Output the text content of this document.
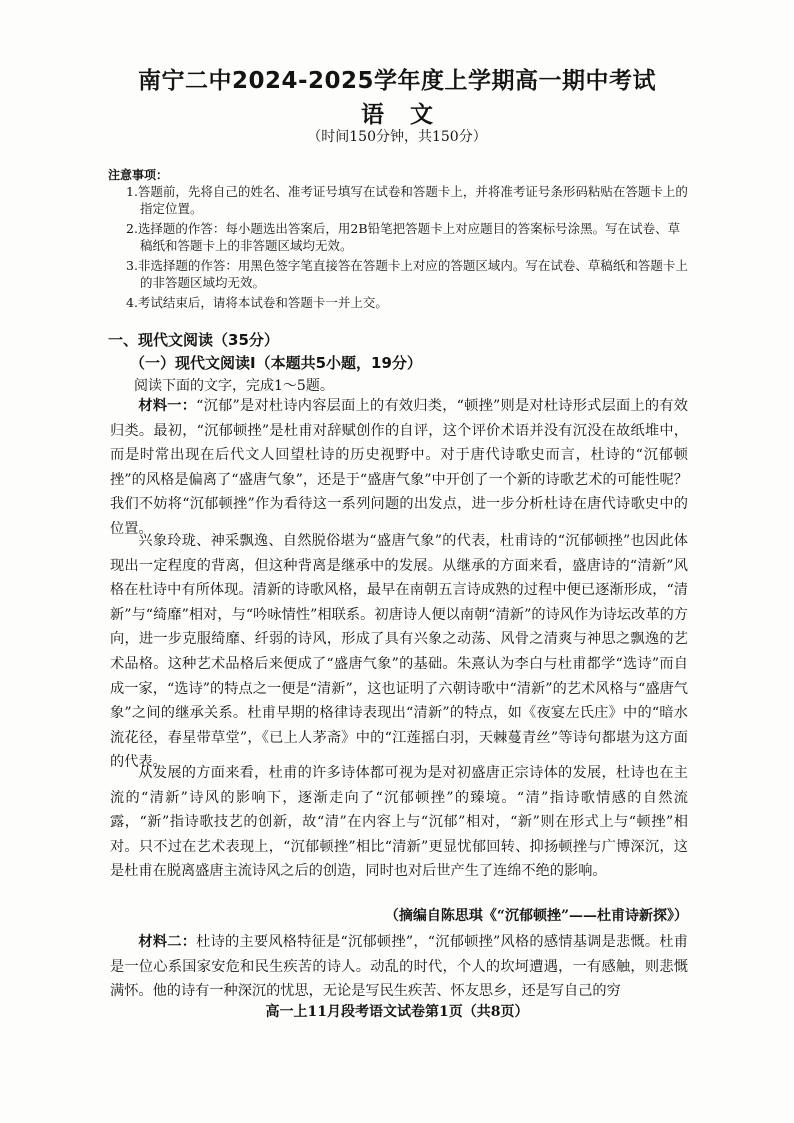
南宁二中2024-2025学年度上学期高一期中考试
语文
（时间150分钟，共150分）
注意事项：
1.答题前，先将自己的姓名、准考证号填写在试卷和答题卡上，并将准考证号条形码粘贴在答题卡上的指定位置。
2.选择题的作答：每小题选出答案后，用2B铅笔把答题卡上对应题目的答案标号涂黑。写在试卷、草稿纸和答题卡上的非答题区域均无效。
3.非选择题的作答：用黑色签字笔直接答在答题卡上对应的答题区域内。写在试卷、草稿纸和答题卡上的非答题区域均无效。
4.考试结束后，请将本试卷和答题卡一并上交。
一、现代文阅读（35分）
（一）现代文阅读Ⅰ（本题共5小题，19分）
阅读下面的文字，完成1～5题。

材料一：“沉郁”是对杜诗内容层面上的有效归类，“顿挫”则是对杜诗形式层面上的有效归类。最初，“沉郁顿挫”是杜甫对辞赋创作的自评，这个评价术语并没有沉没在故纸堆中，而是时常出现在后代文人回望杜诗的历史视野中。对于唐代诗歌史而言，杜诗的“沉郁顿挫”的风格是偏离了“盛唐气象”，还是于“盛唐气象”中开创了一个新的诗歌艺术的可能性呢？我们不妨将“沉郁顿挫”作为看待这一系列问题的出发点，进一步分析杜诗在唐代诗歌史中的位置。

兴象玲珑、神采飘逸、自然脱俗堪为“盛唐气象”的代表，杜甫诗的“沉郁顿挫”也因此体现出一定程度的背离，但这种背离是继承中的发展。从继承的方面来看，盛唐诗的“清新”风格在杜诗中有所体现。清新的诗歌风格，最早在南朝五言诗成熟的过程中便已逐渐形成，“清新”与“绮靡”相对，与“吟咏情性”相联系。初唐诗人便以南朝“清新”的诗风作为诗坛改革的方向，进一步克服绮靡、纤弱的诗风，形成了具有兴象之动荡、风骨之清爽与神思之飘逸的艺术品格。这种艺术品格后来便成了“盛唐气象”的基础。朱熹认为李白与杜甫都学“选诗”而自成一家，“选诗”的特点之一便是“清新”，这也证明了六朝诗歌中“清新”的艺术风格与“盛唐气象”之间的继承关系。杜甫早期的格律诗表现出“清新”的特点，如《夜宴左氏庄》中的“暗水流花径，春星带草堂”，《已上人茅斋》中的“江莲摇白羽，天棘蔓青丝”等诗句都堪为这方面的代表。

从发展的方面来看，杜甫的许多诗体都可视为是对初盛唐正宗诗体的发展，杜诗也在主流的“清新”诗风的影响下，逐渐走向了“沉郁顿挫”的臻境。“清”指诗歌情感的自然流露，“新”指诗歌技艺的创新，故“清”在内容上与“沉郁”相对，“新”则在形式上与“顿挫”相对。只不过在艺术表现上，“沉郁顿挫”相比“清新”更显忧郁回转、抑扬顿挫与广博深沉，这是杜甫在脱离盛唐主流诗风之后的创造，同时也对后世产生了连绵不绝的影响。

（摘编自陈思琪《“沉郁顿挫”——杜甫诗新探》）

材料二：杜诗的主要风格特征是“沉郁顿挫”，“沉郁顿挫”风格的感情基调是悲慨。杜甫是一位心系国家安危和民生疾苦的诗人。动乱的时代，个人的坎坷遭遇，一有感触，则悲慨满怀。他的诗有一种深沉的忧思，无论是写民生疾苦、怀友思乡，还是写自己的穷

高一上11月段考语文试卷第1页（共8页）
